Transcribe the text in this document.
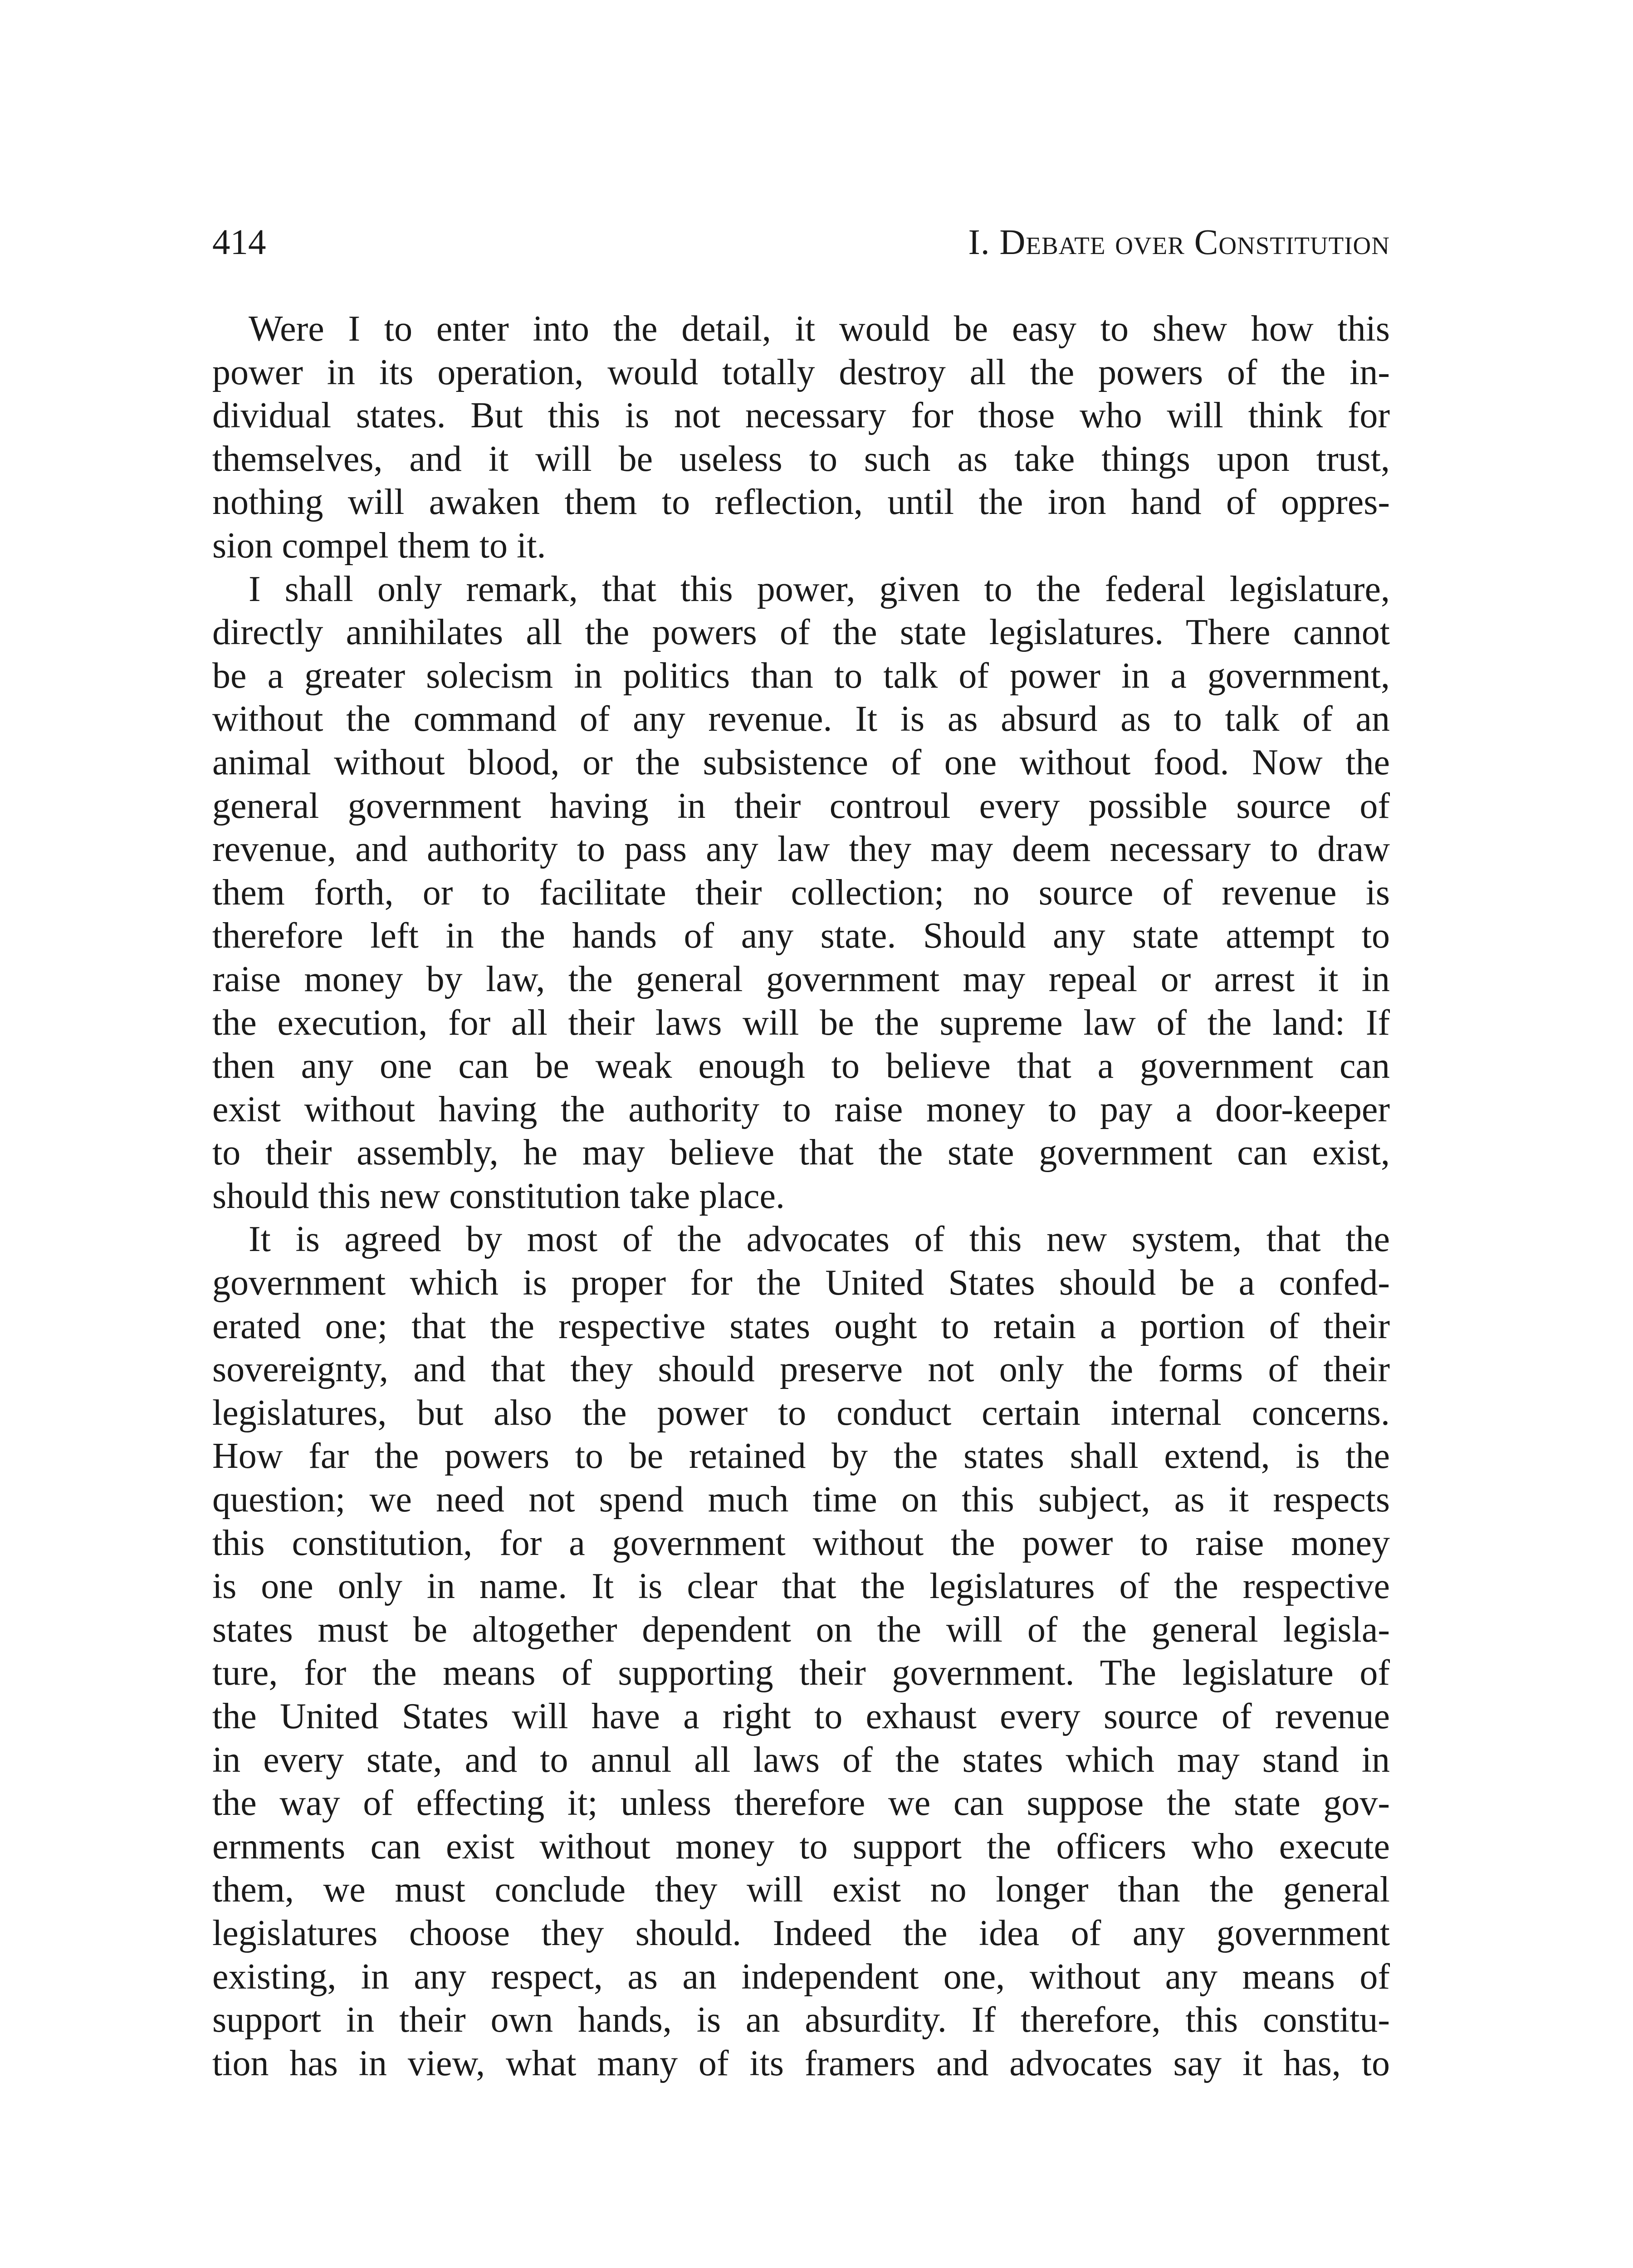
414	I. Debate over Constitution
Were I to enter into the detail, it would be easy to shew how this
power in its operation, would totally destroy all the powers of the in-
dividual states. But this is not necessary for those who will think for
themselves, and it will be useless to such as take things upon trust,
nothing will awaken them to reflection, until the iron hand of oppres-
sion compel them to it.
I shall only remark, that this power, given to the federal legislature,
directly annihilates all the powers of the state legislatures. There cannot
be a greater solecism in politics than to talk of power in a government,
without the command of any revenue. It is as absurd as to talk of an
animal without blood, or the subsistence of one without food. Now the
general government having in their controul every possible source of
revenue, and authority to pass any law they may deem necessary to draw
them forth, or to facilitate their collection; no source of revenue is
therefore left in the hands of any state. Should any state attempt to
raise money by law, the general government may repeal or arrest it in
the execution, for all their laws will be the supreme law of the land: If
then any one can be weak enough to believe that a government can
exist without having the authority to raise money to pay a door-keeper
to their assembly, he may believe that the state government can exist,
should this new constitution take place.
It is agreed by most of the advocates of this new system, that the
government which is proper for the United States should be a confed-
erated one; that the respective states ought to retain a portion of their
sovereignty, and that they should preserve not only the forms of their
legislatures, but also the power to conduct certain internal concerns.
How far the powers to be retained by the states shall extend, is the
question; we need not spend much time on this subject, as it respects
this constitution, for a government without the power to raise money
is one only in name. It is clear that the legislatures of the respective
states must be altogether dependent on the will of the general legisla-
ture, for the means of supporting their government. The legislature of
the United States will have a right to exhaust every source of revenue
in every state, and to annul all laws of the states which may stand in
the way of effecting it; unless therefore we can suppose the state gov-
ernments can exist without money to support the officers who execute
them, we must conclude they will exist no longer than the general
legislatures choose they should. Indeed the idea of any government
existing, in any respect, as an independent one, without any means of
support in their own hands, is an absurdity. If therefore, this constitu-
tion has in view, what many of its framers and advocates say it has, to
